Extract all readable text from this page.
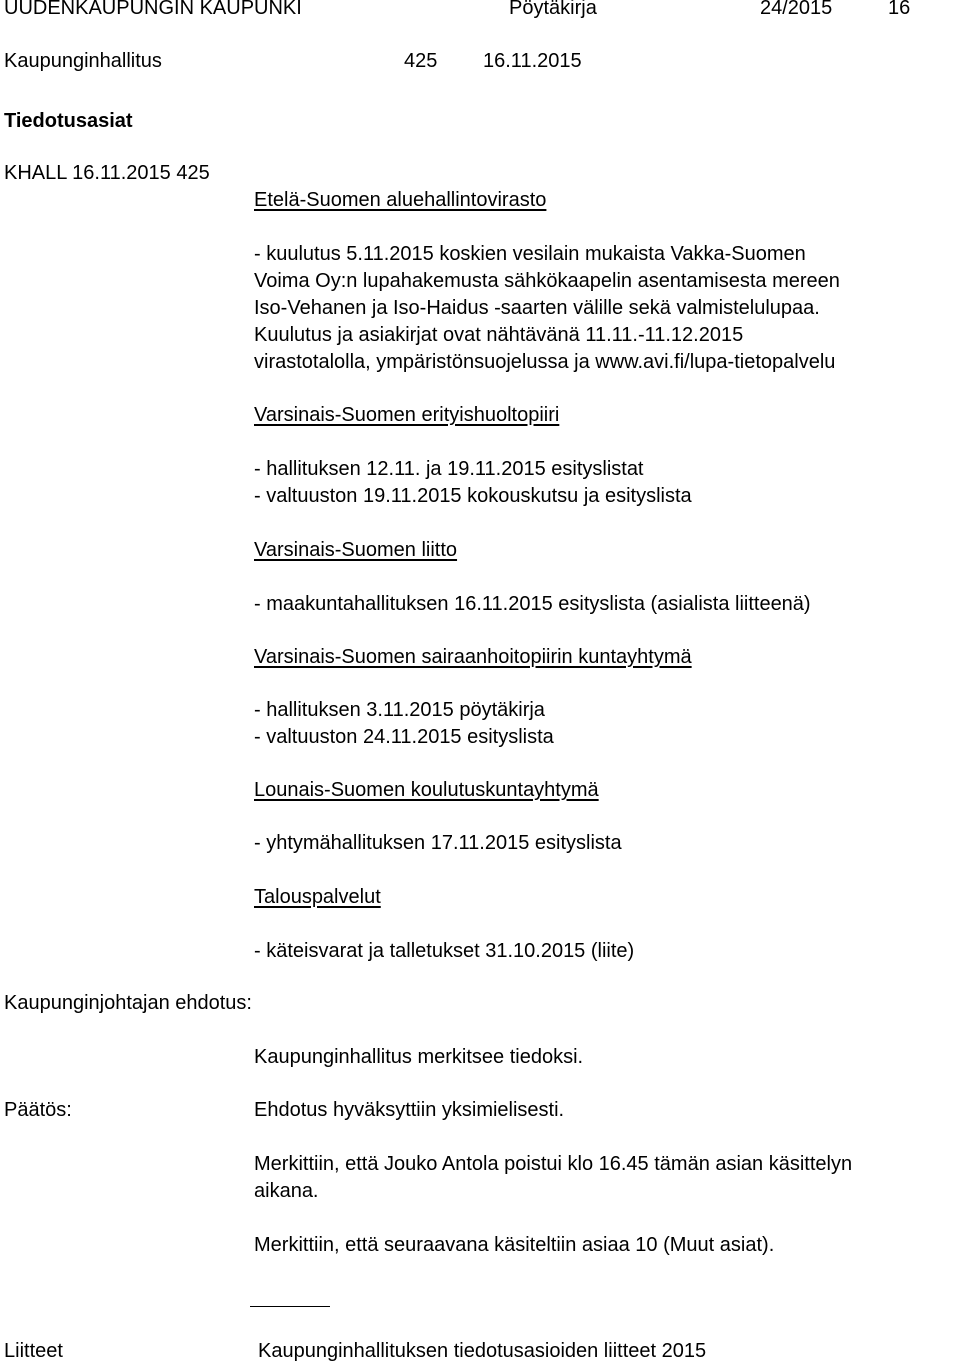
UUDENKAUPUNGIN KAUPUNKI	Pöytäkirja	24/2015	16
Kaupunginhallitus	425 16.11.2015
Tiedotusasiat
KHALL 16.11.2015 425
Etelä-Suomen aluehallintovirasto
- kuulutus 5.11.2015 koskien vesilain mukaista Vakka-Suomen
Voima Oy:n lupahakemusta sähkökaapelin asentamisesta mereen
Iso-Vehanen ja Iso-Haidus -saarten välille sekä valmistelulupaa.
Kuulutus ja asiakirjat ovat nähtävänä 11.11.-11.12.2015
virastotalolla, ympäristönsuojelussa ja www.avi.fi/lupa-tietopalvelu
Varsinais-Suomen erityishuoltopiiri
- hallituksen 12.11. ja 19.11.2015 esityslistat
- valtuuston 19.11.2015 kokouskutsu ja esityslista
Varsinais-Suomen liitto
- maakuntahallituksen 16.11.2015 esityslista (asialista liitteenä)
Varsinais-Suomen sairaanhoitopiirin kuntayhtymä
- hallituksen 3.11.2015 pöytäkirja
- valtuuston 24.11.2015 esityslista
Lounais-Suomen koulutuskuntayhtymä
- yhtymähallituksen 17.11.2015 esityslista
Talouspalvelut
- käteisvarat ja talletukset 31.10.2015 (liite)
Kaupunginjohtajan ehdotus:
Kaupunginhallitus merkitsee tiedoksi.
Päätös:	Ehdotus hyväksyttiin yksimielisesti.
Merkittiin, että Jouko Antola poistui klo 16.45 tämän asian käsittelyn
aikana.
Merkittiin, että seuraavana käsiteltiin asiaa 10 (Muut asiat).
Liitteet	Kaupunginhallituksen tiedotusasioiden liitteet 2015
